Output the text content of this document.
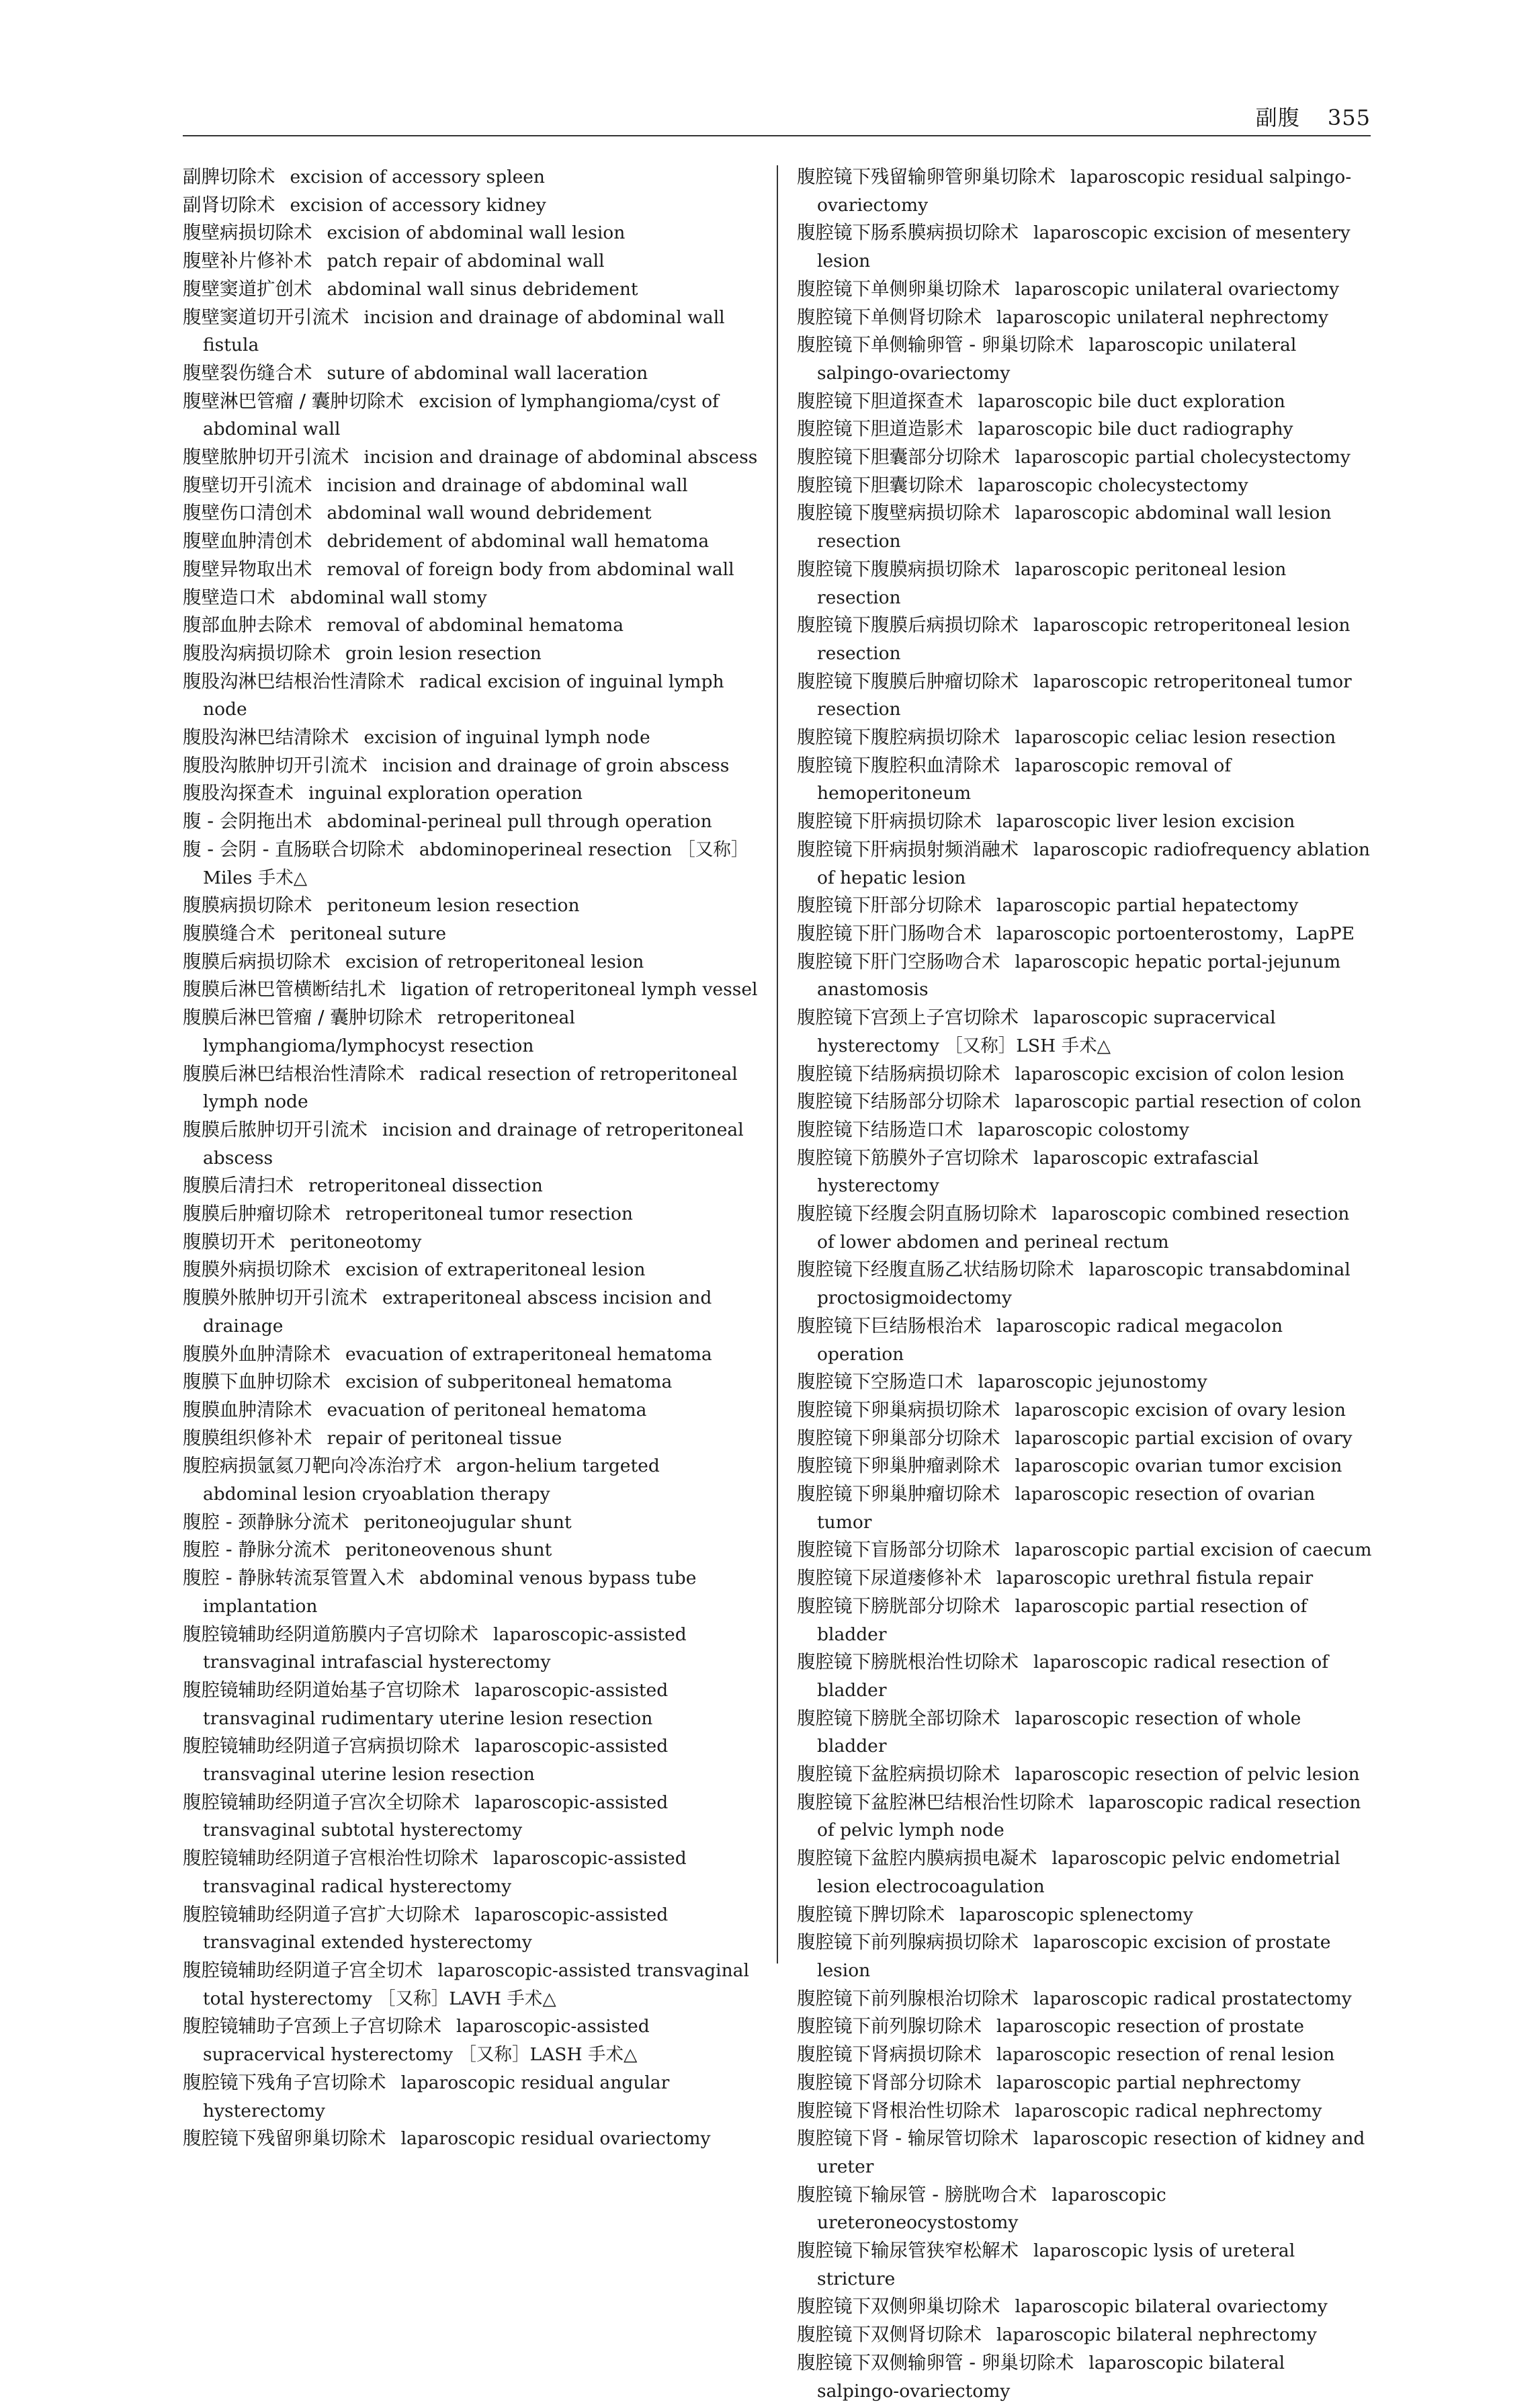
副腹 355
副脾切除术 excision of accessory spleen
副肾切除术 excision of accessory kidney
腹壁病损切除术 excision of abdominal wall lesion
腹壁补片修补术 patch repair of abdominal wall
腹壁窦道扩创术 abdominal wall sinus debridement
腹壁窦道切开引流术 incision and drainage of abdominal wall fistula
腹壁裂伤缝合术 suture of abdominal wall laceration
腹壁淋巴管瘤 / 囊肿切除术 excision of lymphangioma/cyst of abdominal wall
腹壁脓肿切开引流术 incision and drainage of abdominal abscess
腹壁切开引流术 incision and drainage of abdominal wall
腹壁伤口清创术 abdominal wall wound debridement
腹壁血肿清创术 debridement of abdominal wall hematoma
腹壁异物取出术 removal of foreign body from abdominal wall
腹壁造口术 abdominal wall stomy
腹部血肿去除术 removal of abdominal hematoma
腹股沟病损切除术 groin lesion resection
腹股沟淋巴结根治性清除术 radical excision of inguinal lymph node
腹股沟淋巴结清除术 excision of inguinal lymph node
腹股沟脓肿切开引流术 incision and drainage of groin abscess
腹股沟探查术 inguinal exploration operation
腹 - 会阴拖出术 abdominal-perineal pull through operation
腹 - 会阴 - 直肠联合切除术 abdominoperineal resection ［又称］Miles 手术△
腹膜病损切除术 peritoneum lesion resection
腹膜缝合术 peritoneal suture
腹膜后病损切除术 excision of retroperitoneal lesion
腹膜后淋巴管横断结扎术 ligation of retroperitoneal lymph vessel
腹膜后淋巴管瘤 / 囊肿切除术 retroperitoneal lymphangioma/lymphocyst resection
腹膜后淋巴结根治性清除术 radical resection of retroperitoneal lymph node
腹膜后脓肿切开引流术 incision and drainage of retroperitoneal abscess
腹膜后清扫术 retroperitoneal dissection
腹膜后肿瘤切除术 retroperitoneal tumor resection
腹膜切开术 peritoneotomy
腹膜外病损切除术 excision of extraperitoneal lesion
腹膜外脓肿切开引流术 extraperitoneal abscess incision and drainage
腹膜外血肿清除术 evacuation of extraperitoneal hematoma
腹膜下血肿切除术 excision of subperitoneal hematoma
腹膜血肿清除术 evacuation of peritoneal hematoma
腹膜组织修补术 repair of peritoneal tissue
腹腔病损氩氦刀靶向冷冻治疗术 argon-helium targeted abdominal lesion cryoablation therapy
腹腔 - 颈静脉分流术 peritoneojugular shunt
腹腔 - 静脉分流术 peritoneovenous shunt
腹腔 - 静脉转流泵管置入术 abdominal venous bypass tube implantation
腹腔镜辅助经阴道筋膜内子宫切除术 laparoscopic-assisted transvaginal intrafascial hysterectomy
腹腔镜辅助经阴道始基子宫切除术 laparoscopic-assisted transvaginal rudimentary uterine lesion resection
腹腔镜辅助经阴道子宫病损切除术 laparoscopic-assisted transvaginal uterine lesion resection
腹腔镜辅助经阴道子宫次全切除术 laparoscopic-assisted transvaginal subtotal hysterectomy
腹腔镜辅助经阴道子宫根治性切除术 laparoscopic-assisted transvaginal radical hysterectomy
腹腔镜辅助经阴道子宫扩大切除术 laparoscopic-assisted transvaginal extended hysterectomy
腹腔镜辅助经阴道子宫全切术 laparoscopic-assisted transvaginal total hysterectomy ［又称］LAVH 手术△
腹腔镜辅助子宫颈上子宫切除术 laparoscopic-assisted supracervical hysterectomy ［又称］LASH 手术△
腹腔镜下残角子宫切除术 laparoscopic residual angular hysterectomy
腹腔镜下残留卵巢切除术 laparoscopic residual ovariectomy
腹腔镜下残留输卵管卵巢切除术 laparoscopic residual salpingo-ovariectomy
腹腔镜下肠系膜病损切除术 laparoscopic excision of mesentery lesion
腹腔镜下单侧卵巢切除术 laparoscopic unilateral ovariectomy
腹腔镜下单侧肾切除术 laparoscopic unilateral nephrectomy
腹腔镜下单侧输卵管 - 卵巢切除术 laparoscopic unilateral salpingo-ovariectomy
腹腔镜下胆道探查术 laparoscopic bile duct exploration
腹腔镜下胆道造影术 laparoscopic bile duct radiography
腹腔镜下胆囊部分切除术 laparoscopic partial cholecystectomy
腹腔镜下胆囊切除术 laparoscopic cholecystectomy
腹腔镜下腹壁病损切除术 laparoscopic abdominal wall lesion resection
腹腔镜下腹膜病损切除术 laparoscopic peritoneal lesion resection
腹腔镜下腹膜后病损切除术 laparoscopic retroperitoneal lesion resection
腹腔镜下腹膜后肿瘤切除术 laparoscopic retroperitoneal tumor resection
腹腔镜下腹腔病损切除术 laparoscopic celiac lesion resection
腹腔镜下腹腔积血清除术 laparoscopic removal of hemoperitoneum
腹腔镜下肝病损切除术 laparoscopic liver lesion excision
腹腔镜下肝病损射频消融术 laparoscopic radiofrequency ablation of hepatic lesion
腹腔镜下肝部分切除术 laparoscopic partial hepatectomy
腹腔镜下肝门肠吻合术 laparoscopic portoenterostomy，LapPE
腹腔镜下肝门空肠吻合术 laparoscopic hepatic portal-jejunum anastomosis
腹腔镜下宫颈上子宫切除术 laparoscopic supracervical hysterectomy ［又称］LSH 手术△
腹腔镜下结肠病损切除术 laparoscopic excision of colon lesion
腹腔镜下结肠部分切除术 laparoscopic partial resection of colon
腹腔镜下结肠造口术 laparoscopic colostomy
腹腔镜下筋膜外子宫切除术 laparoscopic extrafascial hysterectomy
腹腔镜下经腹会阴直肠切除术 laparoscopic combined resection of lower abdomen and perineal rectum
腹腔镜下经腹直肠乙状结肠切除术 laparoscopic transabdominal proctosigmoidectomy
腹腔镜下巨结肠根治术 laparoscopic radical megacolon operation
腹腔镜下空肠造口术 laparoscopic jejunostomy
腹腔镜下卵巢病损切除术 laparoscopic excision of ovary lesion
腹腔镜下卵巢部分切除术 laparoscopic partial excision of ovary
腹腔镜下卵巢肿瘤剥除术 laparoscopic ovarian tumor excision
腹腔镜下卵巢肿瘤切除术 laparoscopic resection of ovarian tumor
腹腔镜下盲肠部分切除术 laparoscopic partial excision of caecum
腹腔镜下尿道瘘修补术 laparoscopic urethral fistula repair
腹腔镜下膀胱部分切除术 laparoscopic partial resection of bladder
腹腔镜下膀胱根治性切除术 laparoscopic radical resection of bladder
腹腔镜下膀胱全部切除术 laparoscopic resection of whole bladder
腹腔镜下盆腔病损切除术 laparoscopic resection of pelvic lesion
腹腔镜下盆腔淋巴结根治性切除术 laparoscopic radical resection of pelvic lymph node
腹腔镜下盆腔内膜病损电凝术 laparoscopic pelvic endometrial lesion electrocoagulation
腹腔镜下脾切除术 laparoscopic splenectomy
腹腔镜下前列腺病损切除术 laparoscopic excision of prostate lesion
腹腔镜下前列腺根治切除术 laparoscopic radical prostatectomy
腹腔镜下前列腺切除术 laparoscopic resection of prostate
腹腔镜下肾病损切除术 laparoscopic resection of renal lesion
腹腔镜下肾部分切除术 laparoscopic partial nephrectomy
腹腔镜下肾根治性切除术 laparoscopic radical nephrectomy
腹腔镜下肾 - 输尿管切除术 laparoscopic resection of kidney and ureter
腹腔镜下输尿管 - 膀胱吻合术 laparoscopic ureteroneocystostomy
腹腔镜下输尿管狭窄松解术 laparoscopic lysis of ureteral stricture
腹腔镜下双侧卵巢切除术 laparoscopic bilateral ovariectomy
腹腔镜下双侧肾切除术 laparoscopic bilateral nephrectomy
腹腔镜下双侧输卵管 - 卵巢切除术 laparoscopic bilateral salpingo-ovariectomy
